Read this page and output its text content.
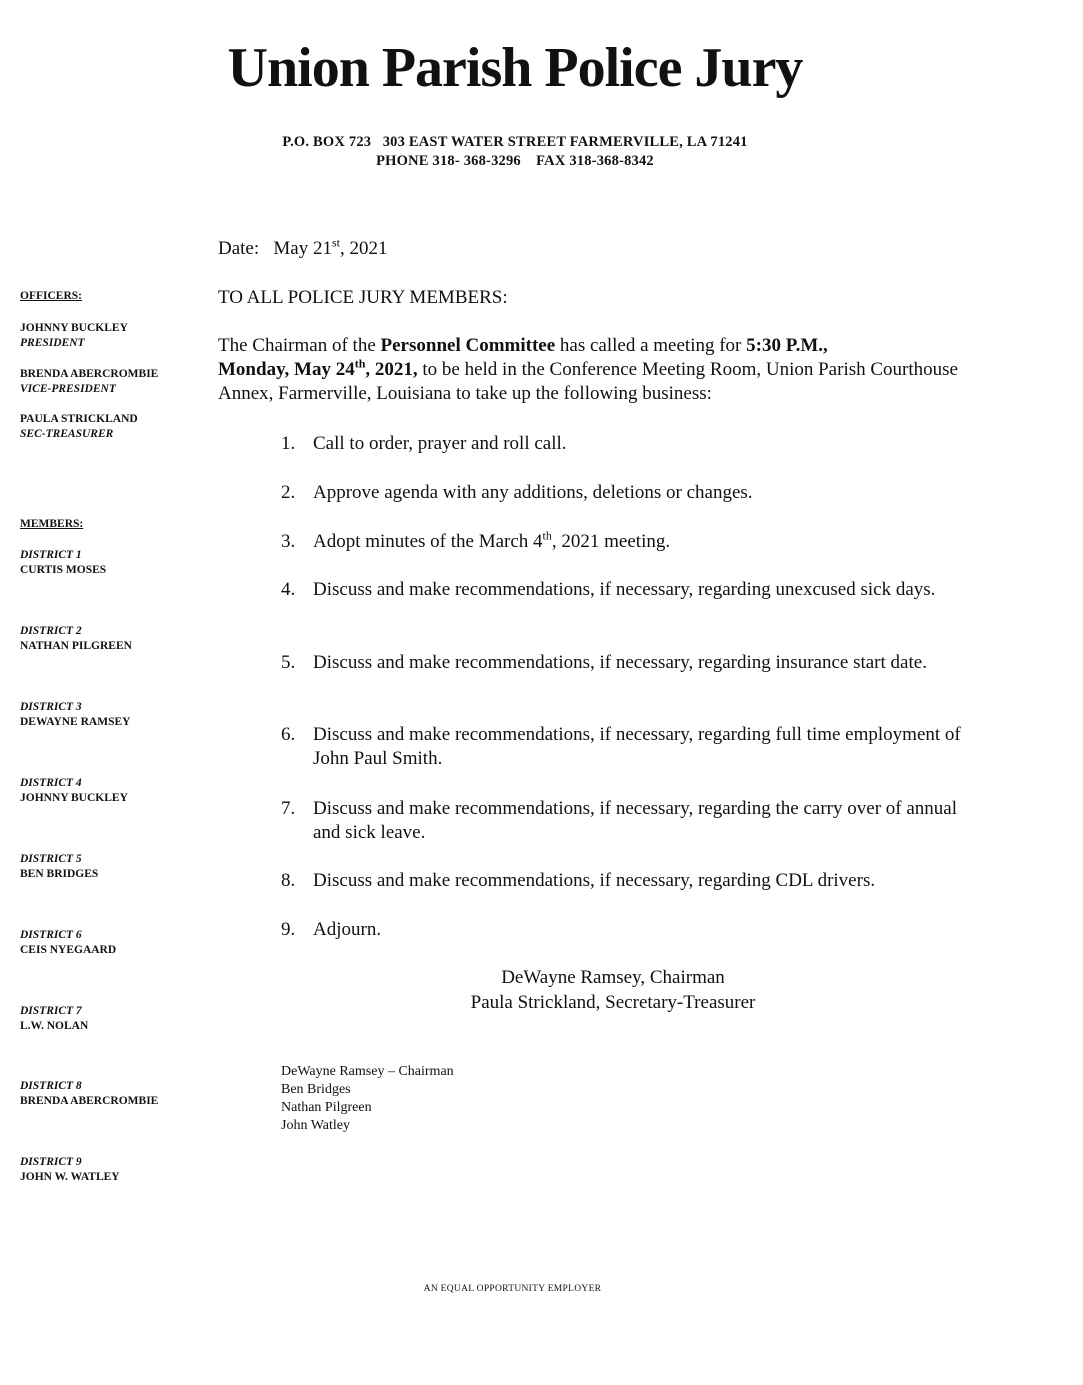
Union Parish Police Jury
P.O. BOX 723   303 EAST WATER STREET FARMERVILLE, LA 71241
PHONE 318- 368-3296    FAX 318-368-8342
OFFICERS:
JOHNNY BUCKLEY
PRESIDENT
BRENDA ABERCROMBIE
VICE-PRESIDENT
PAULA STRICKLAND
SEC-TREASURER
MEMBERS:
DISTRICT 1
CURTIS MOSES
DISTRICT 2
NATHAN PILGREEN
DISTRICT 3
DEWAYNE RAMSEY
DISTRICT 4
JOHNNY BUCKLEY
DISTRICT 5
BEN BRIDGES
DISTRICT 6
CEIS NYEGAARD
DISTRICT 7
L.W. NOLAN
DISTRICT 8
BRENDA ABERCROMBIE
DISTRICT 9
JOHN W. WATLEY
Date: May 21st, 2021
TO ALL POLICE JURY MEMBERS:
The Chairman of the Personnel Committee has called a meeting for 5:30 P.M.,
Monday, May 24th, 2021, to be held in the Conference Meeting Room, Union Parish Courthouse Annex, Farmerville, Louisiana to take up the following business:
1. Call to order, prayer and roll call.
2. Approve agenda with any additions, deletions or changes.
3. Adopt minutes of the March 4th, 2021 meeting.
4. Discuss and make recommendations, if necessary, regarding unexcused sick days.
5. Discuss and make recommendations, if necessary, regarding insurance start date.
6. Discuss and make recommendations, if necessary, regarding full time employment of John Paul Smith.
7. Discuss and make recommendations, if necessary, regarding the carry over of annual and sick leave.
8. Discuss and make recommendations, if necessary, regarding CDL drivers.
9. Adjourn.
DeWayne Ramsey, Chairman
Paula Strickland, Secretary-Treasurer
DeWayne Ramsey – Chairman
Ben Bridges
Nathan Pilgreen
John Watley
AN EQUAL OPPORTUNITY EMPLOYER
